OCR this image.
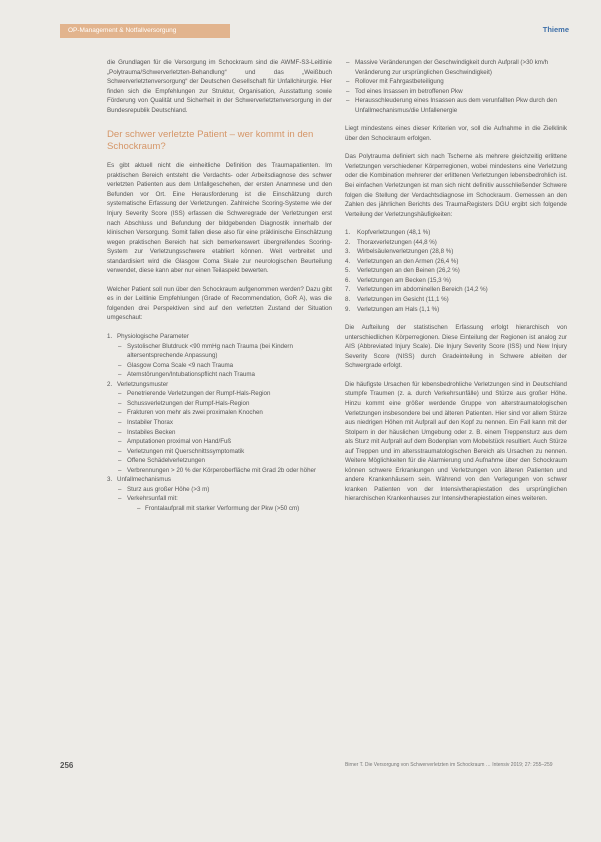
OP-Management & Notfallversorgung	Thieme

die Grundlagen für die Versorgung im Schockraum sind die AWMF-S3-Leitlinie „Polytrauma/Schwerverletzten-Behandlung“ und das „Weißbuch Schwerverletztenversorgung“ der Deutschen Gesellschaft für Unfallchirurgie. Hier finden sich die Empfehlungen zur Struktur, Organisation, Ausstattung sowie Förderung von Qualität und Sicherheit in der Schwerverletztenversorgung in der Bundesrepublik Deutschland.

Der schwer verletzte Patient – wer kommt in den Schockraum?

Es gibt aktuell nicht die einheitliche Definition des Traumapatienten. Im praktischen Bereich entsteht die Verdachts- oder Arbeitsdiagnose des schwer verletzten Patienten aus dem Unfallgeschehen, der ersten Anamnese und den Befunden vor Ort. Eine Herausforderung ist die Einschätzung durch systematische Erfassung der Verletzungen. Zahlreiche Scoring-Systeme wie der Injury Severity Score (ISS) erfassen die Schweregrade der Verletzungen erst nach Abschluss und Befundung der bildgebenden Diagnostik innerhalb der klinischen Versorgung. Somit fallen diese also für eine präklinische Einschätzung wegen praktischen Bereich hat sich bemerkenswert übergreifendes Scoring-System zur Verletzungsschwere etabliert können. Weit verbreitet und standardisiert wird die Glasgow Coma Skale zur neurologischen Beurteilung verwendet, diese kann aber nur einen Teilaspekt bewerten.

Welcher Patient soll nun über den Schockraum aufgenommen werden? Dazu gibt es in der Leitlinie Empfehlungen (Grade of Recommendation, GoR A), was die folgenden drei Perspektiven sind auf den verletzten Zustand der Situation umgeschaut:

1. Physiologische Parameter
– Systolischer Blutdruck <90 mmHg nach Trauma (bei Kindern altersentsprechende Anpassung)
– Glasgow Coma Scale <9 nach Trauma
– Atemstörungen/Intubationspflicht nach Trauma
2. Verletzungsmuster
– Penetrierende Verletzungen der Rumpf-Hals-Region
– Schussverletzungen der Rumpf-Hals-Region
– Frakturen von mehr als zwei proximalen Knochen
– Instabiler Thorax
– Instabiles Becken
– Amputationen proximal von Hand/Fuß
– Verletzungen mit Querschnittssymptomatik
– Offene Schädelverletzungen
– Verbrennungen > 20 % der Körperoberfläche mit Grad 2b oder höher
3. Unfallmechanismus
– Sturz aus großer Höhe (>3 m)
– Verkehrsunfall mit:
– Frontalaufprall mit starker Verformung der Pkw (>50 cm)
– Massive Veränderungen der Geschwindigkeit durch Aufprall (>30 km/h Veränderung zur ursprünglichen Geschwindigkeit)
– Rollover mit Fahrgastbeteiligung
– Tod eines Insassen im betroffenen Pkw
– Herausschleuderung eines Insassen aus dem verunfallten Pkw durch den Unfallmechanismus/die Unfallenergie

Liegt mindestens eines dieser Kriterien vor, soll die Aufnahme in die Zielklinik über den Schockraum erfolgen.

Das Polytrauma definiert sich nach Tscherne als mehrere gleichzeitig erlittene Verletzungen verschiedener Körperregionen, wobei mindestens eine Verletzung oder die Kombination mehrerer der erlittenen Verletzungen lebensbedrohlich ist. Bei einfachen Verletzungen ist man sich nicht definitiv ausschließender Schwere folgen die Stellung der Verdachtsdiagnose im Schockraum. Gemessen an den Zahlen des jährlichen Berichts des TraumaRegisters DGU ergibt sich folgende Verteilung der Verletzungshäufigkeiten:

1. Kopfverletzungen (48,1 %)
2. Thoraxverletzungen (44,8 %)
3. Wirbelsäulenverletzungen (28,8 %)
4. Verletzungen an den Armen (26,4 %)
5. Verletzungen an den Beinen (26,2 %)
6. Verletzungen am Becken (15,3 %)
7. Verletzungen im abdominellen Bereich (14,2 %)
8. Verletzungen im Gesicht (11,1 %)
9. Verletzungen am Hals (1,1 %)

Die Aufteilung der statistischen Erfassung erfolgt hierarchisch von unterschiedlichen Körperregionen. Diese Einteilung der Regionen ist analog zur AIS (Abbreviated Injury Scale). Die Injury Severity Score (ISS) und New Injury Severity Score (NISS) durch Gradeinteilung in Schwere ableiten der Schwergrade erfolgt.

Die häufigste Ursachen für lebensbedrohliche Verletzungen sind in Deutschland stumpfe Traumen (z. a. durch Verkehrsunfälle) und Stürze aus großer Höhe. Hinzu kommt eine größer werdende Gruppe von alterstraumatologischen Verletzungen insbesondere bei und älteren Patienten. Hier sind vor allem Stürze aus niedrigen Höhen mit Aufprall auf den Kopf zu nennen. Ein Fall kann mit der Stolpern in der häuslichen Umgebung oder z. B. einem Treppensturz aus dem als Sturz mit Aufprall auf dem Bodenplan vom Mobelstück resultiert. Auch Stürze auf Treppen und im altersstraumatologischen Bereich als Ursachen zu nennen. Weitere Möglichkeiten für die Alarmierung und Aufnahme über den Schockraum können schwere Erkrankungen und Verletzungen von älteren Patienten und andere Krankenhäusern sein. Während von den Verlegungen von schwer kranken Patienten von der Intensivtherapiestation des ursprünglichen hierarchischen Krankenhauses zur Intensivtherapiestation eines weiteren.

256	Birner T. Die Versorgung von Schwerverletzten im Schockraum … Intensiv 2019; 27: 255–259
